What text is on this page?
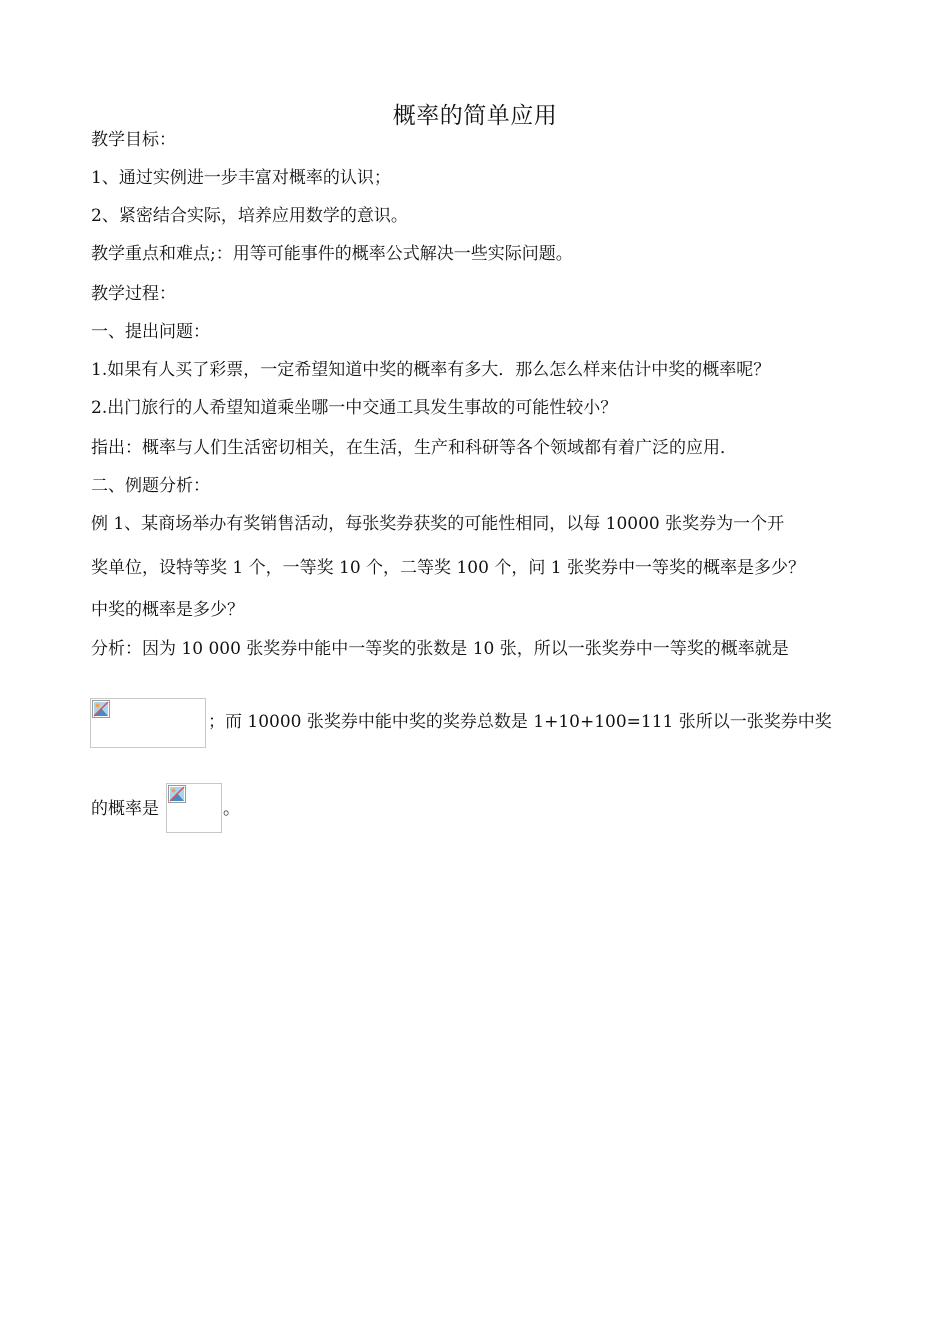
概率的简单应用
教学目标：
1、通过实例进一步丰富对概率的认识；
2、紧密结合实际，培养应用数学的意识。
教学重点和难点;：用等可能事件的概率公式解决一些实际问题。
教学过程：
一、提出问题：
1.如果有人买了彩票，一定希望知道中奖的概率有多大．那么怎么样来估计中奖的概率呢？
2.出门旅行的人希望知道乘坐哪一中交通工具发生事故的可能性较小？
指出：概率与人们生活密切相关，在生活，生产和科研等各个领域都有着广泛的应用．
二、例题分析：
例 1、某商场举办有奖销售活动，每张奖券获奖的可能性相同，以每 10000 张奖券为一个开
奖单位，设特等奖 1 个，一等奖 10 个，二等奖 100 个，问 1 张奖券中一等奖的概率是多少？
中奖的概率是多少？
分析：因为 10 000 张奖券中能中一等奖的张数是 10 张，所以一张奖券中一等奖的概率就是
；而 10000 张奖券中能中奖的奖券总数是 1+10+100=111 张所以一张奖券中奖
的概率是	。
